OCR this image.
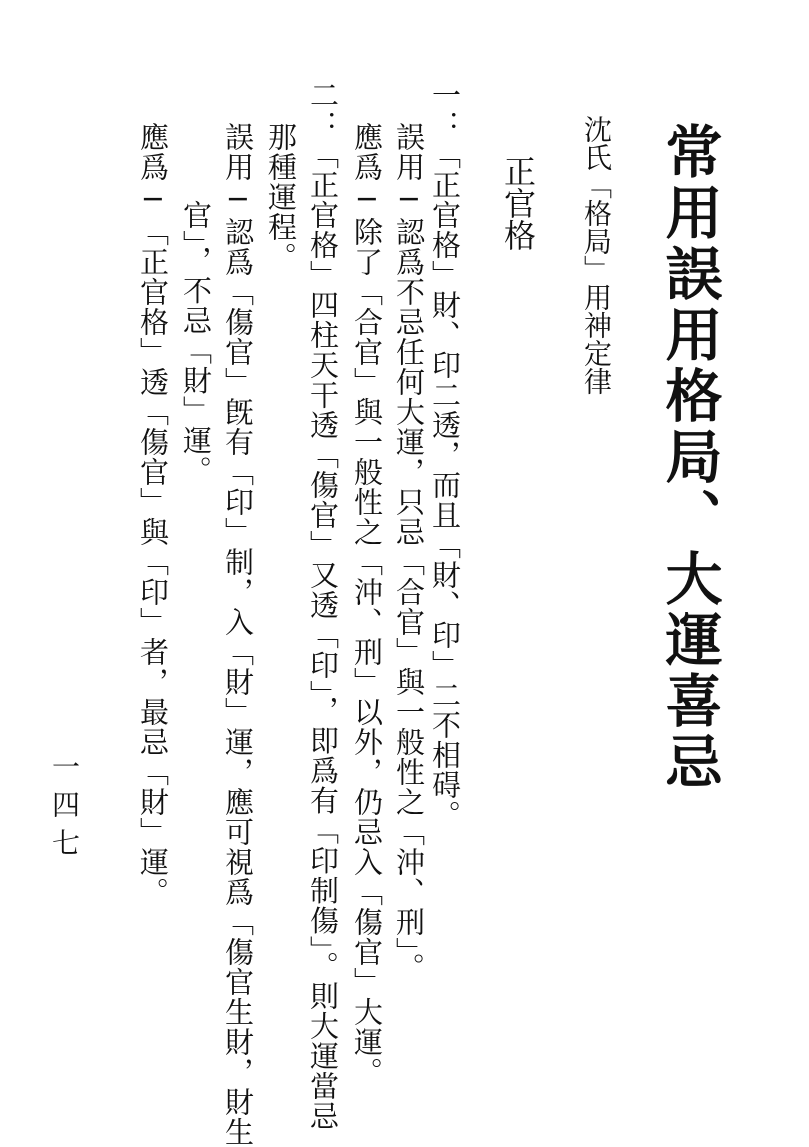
常用誤用格局、大運喜忌
沈氏「格局」用神定律
正官格
一：「正官格」財、印二透，而且「財、印」二不相碍。
誤用─認爲不忌任何大運，只忌「合官」與一般性之「沖、刑」。
應爲─除了「合官」與一般性之「沖、刑」以外，仍忌入「傷官」大運。
二：「正官格」四柱天干透「傷官」又透「印」，即爲有「印制傷」。則大運當忌
那種運程。
誤用─認爲「傷官」旣有「印」制，入「財」運，應可視爲「傷官生財，財生
官」，不忌「財」運。
應爲─「正官格」透「傷官」與「印」者，最忌「財」運。
一四七
